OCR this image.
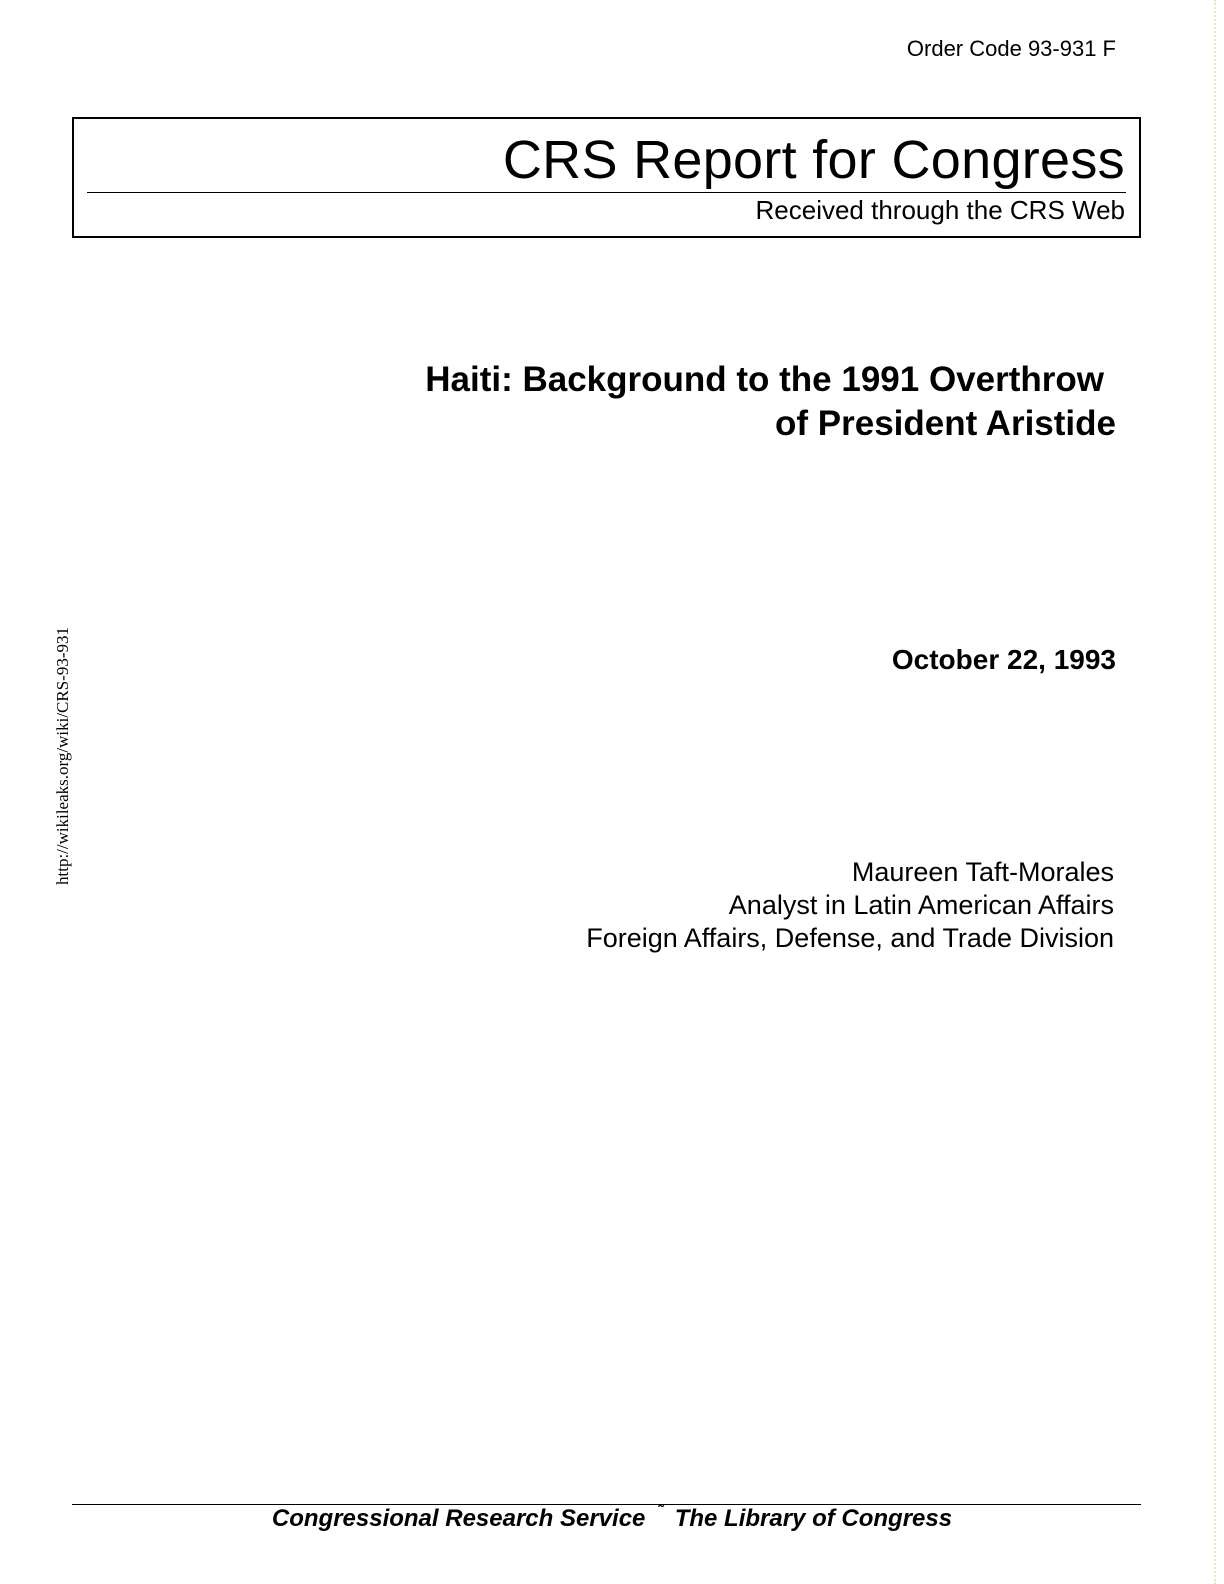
Order Code 93-931 F
CRS Report for Congress
Received through the CRS Web
Haiti: Background to the 1991 Overthrow
of President Aristide
October 22, 1993
Maureen Taft-Morales
Analyst in Latin American Affairs
Foreign Affairs, Defense, and Trade Division
http://wikileaks.org/wiki/CRS-93-931
Congressional Research Service ˜ The Library of Congress
